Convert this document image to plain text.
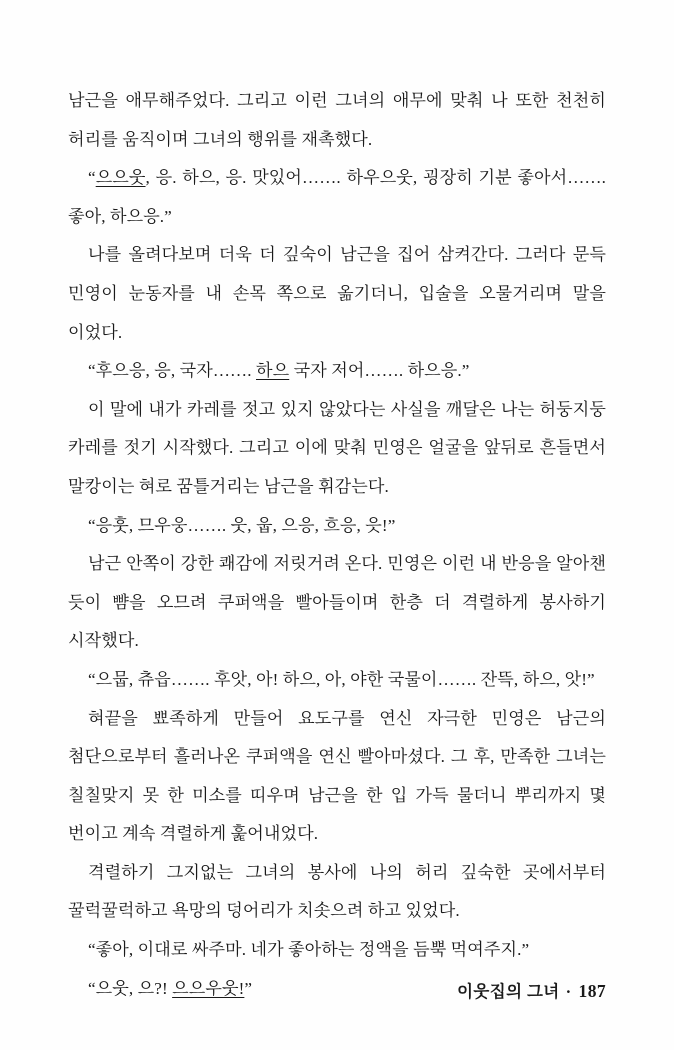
남근을 애무해주었다. 그리고 이런 그녀의 애무에 맞춰 나 또한 천천히 허리를 움직이며 그녀의 행위를 재촉했다.

“으으웃, 응. 하으, 응. 맛있어……. 하우으웃, 굉장히 기분 좋아서……. 좋아, 하으응.”

나를 올려다보며 더욱 더 깊숙이 남근을 집어 삼켜간다. 그러다 문득 민영이 눈동자를 내 손목 쪽으로 옮기더니, 입술을 오물거리며 말을 이었다.

“후으응, 응, 국자……. 하으 국자 저어……. 하으응.”

이 말에 내가 카레를 젓고 있지 않았다는 사실을 깨달은 나는 허둥지둥 카레를 젓기 시작했다. 그리고 이에 맞춰 민영은 얼굴을 앞뒤로 흔들면서 말캉이는 혀로 꿈틀거리는 남근을 휘감는다.

“응훗, 므우웅……. 웃, 웁, 으응, 흐응, 읏!”

남근 안쪽이 강한 쾌감에 저릿거려 온다. 민영은 이런 내 반응을 알아챈 듯이 뺨을 오므려 쿠퍼액을 빨아들이며 한층 더 격렬하게 봉사하기 시작했다.

“으뭅, 츄읍……. 후앗, 아! 하으, 아, 야한 국물이……. 잔뜩, 하으, 앗!”

혀끝을 뾰족하게 만들어 요도구를 연신 자극한 민영은 남근의 첨단으로부터 흘러나온 쿠퍼액을 연신 빨아마셨다. 그 후, 만족한 그녀는 칠칠맞지 못 한 미소를 띠우며 남근을 한 입 가득 물더니 뿌리까지 몇 번이고 계속 격렬하게 훑어내었다.

격렬하기 그지없는 그녀의 봉사에 나의 허리 깊숙한 곳에서부터 꿀럭꿀럭하고 욕망의 덩어리가 치솟으려 하고 있었다.

“좋아, 이대로 싸주마. 네가 좋아하는 정액을 듬뿍 먹여주지.”

“으웃, 으?! 으으우웃!”	이웃집의 그녀 · 187
